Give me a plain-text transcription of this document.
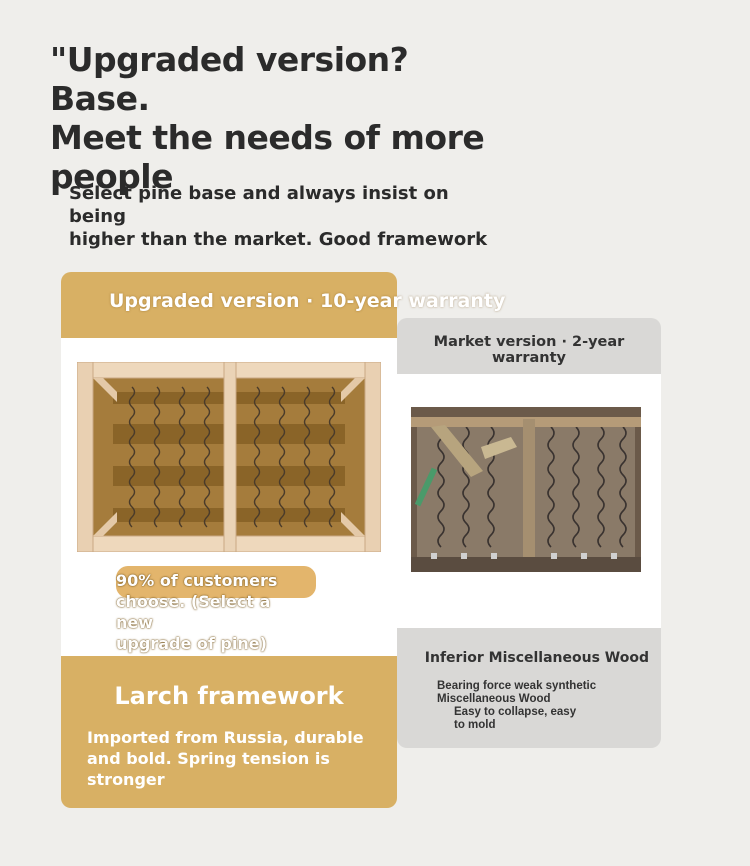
"Upgraded version? Base.
Meet the needs of more
people
Select pine base and always insist on being
higher than the market. Good framework
Market version · 2-year warranty
Inferior Miscellaneous Wood
Bearing force weak synthetic
Miscellaneous Wood
Easy to collapse, easy
to mold
Upgraded version · 10-year warranty
90% of customers
choose. (Select a new
upgrade of pine)
Larch framework
Imported from Russia, durable
and bold. Spring tension is
stronger
